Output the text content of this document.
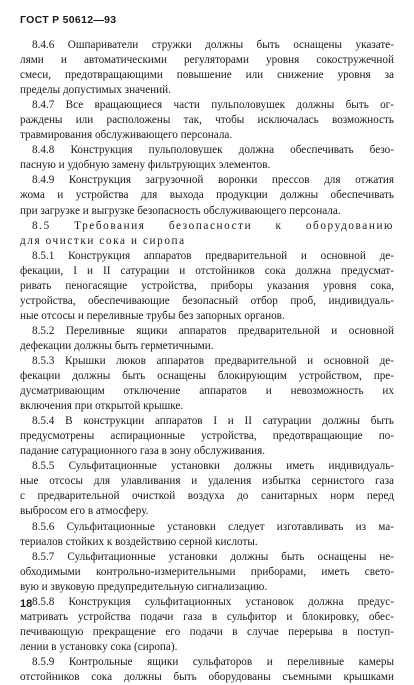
ГОСТ Р 50612—93
8.4.6 Ошпариватели стружки должны быть оснащены указате-
лями и автоматическими регуляторами уровня сокостружечной
смеси, предотвращающими повышение или снижение уровня за
пределы допустимых значений.
8.4.7 Все вращающиеся части пульполовушек должны быть ог-
раждены или расположены так, чтобы исключалась возможность
травмирования обслуживающего персонала.
8.4.8 Конструкция пульполовушек должна обеспечивать безо-
пасную и удобную замену фильтрующих элементов.
8.4.9 Конструкция загрузочной воронки прессов для отжатия
жома и устройства для выхода продукции должны обеспечивать
при загрузке и выгрузке безопасность обслуживающего персонала.
8.5 Требования безопасности к оборудованию
для очистки сока и сиропа
8.5.1 Конструкция аппаратов предварительной и основной де-
фекации, I и II сатурации и отстойников сока должна предусмат-
ривать пеногасящие устройства, приборы указания уровня сока,
устройства, обеспечивающие безопасный отбор проб, индивидуаль-
ные отсосы и переливные трубы без запорных органов.
8.5.2 Переливные ящики аппаратов предварительной и основной
дефекации должны быть герметичными.
8.5.3 Крышки люков аппаратов предварительной и основной де-
фекации должны быть оснащены блокирующим устройством, пре-
дусматривающим отключение аппаратов и невозможность их
включения при открытой крышке.
8.5.4 В конструкции аппаратов I и II сатурации должны быть
предусмотрены аспирационные устройства, предотвращающие по-
падание сатурационного газа в зону обслуживания.
8.5.5 Сульфитационные установки должны иметь индивидуаль-
ные отсосы для улавливания и удаления избытка сернистого газа
с предварительной очисткой воздуха до санитарных норм перед
выбросом его в атмосферу.
8.5.6 Сульфитационные установки следует изготавливать из ма-
териалов стойких к воздействию серной кислоты.
8.5.7 Сульфитационные установки должны быть оснащены не-
обходимыми контрольно-измерительными приборами, иметь свето-
вую и звуковую предупредительную сигнализацию.
8.5.8 Конструкция сульфитационных установок должна предус-
матривать устройства подачи газа в сульфитор и блокировку, обес-
печивающую прекращение его подачи в случае перерыва в поступ-
лении в установку сока (сиропа).
8.5.9 Контрольные ящики сульфаторов и переливные камеры
отстойников сока должны быть оборудованы съемными крышками
18
